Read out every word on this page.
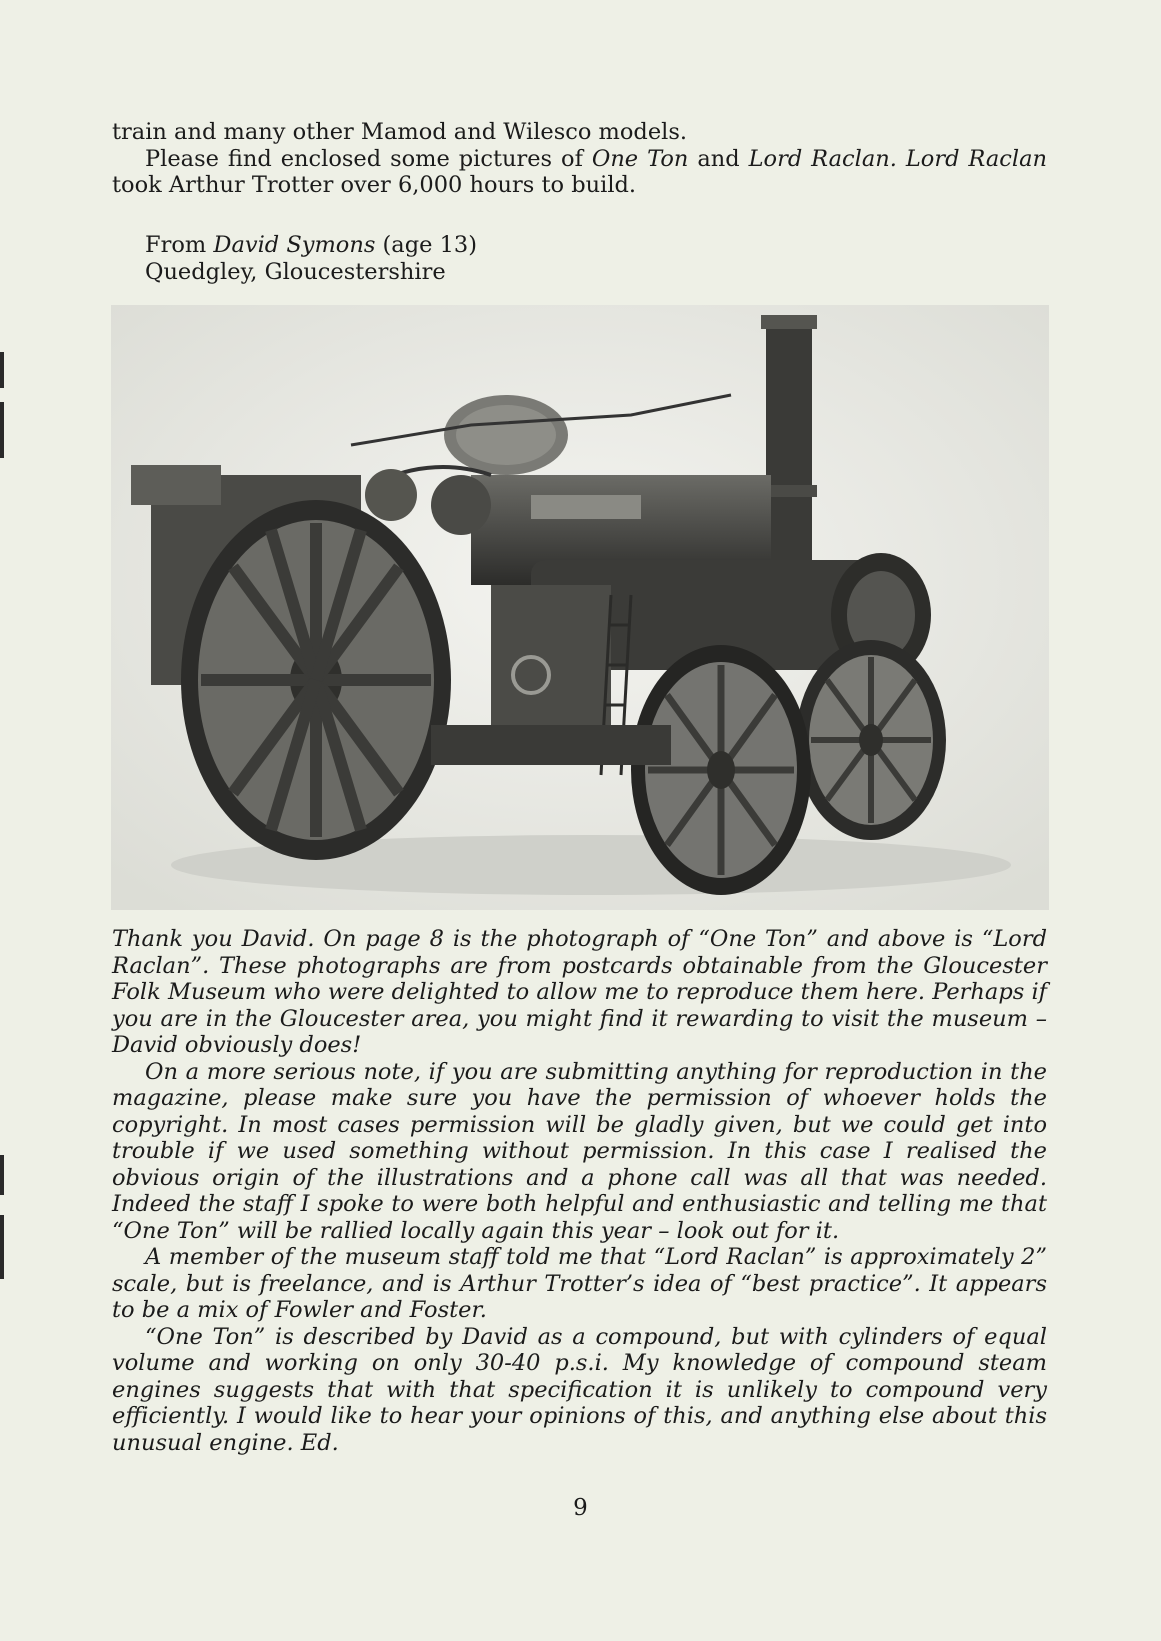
train and many other Mamod and Wilesco models.

Please find enclosed some pictures of One Ton and Lord Raclan. Lord Raclan took Arthur Trotter over 6,000 hours to build.

From David Symons (age 13)

Quedgley, Gloucestershire

Thank you David. On page 8 is the photograph of “One Ton” and above is “Lord Raclan”. These photographs are from postcards obtainable from the Gloucester Folk Museum who were delighted to allow me to reproduce them here. Perhaps if you are in the Gloucester area, you might find it rewarding to visit the museum – David obviously does!

On a more serious note, if you are submitting anything for reproduction in the magazine, please make sure you have the permission of whoever holds the copyright. In most cases permission will be gladly given, but we could get into trouble if we used something without permission. In this case I realised the obvious origin of the illustrations and a phone call was all that was needed. Indeed the staff I spoke to were both helpful and enthusiastic and telling me that “One Ton” will be rallied locally again this year – look out for it.

A member of the museum staff told me that “Lord Raclan” is approximately 2” scale, but is freelance, and is Arthur Trotter’s idea of “best practice”. It appears to be a mix of Fowler and Foster.

“One Ton” is described by David as a compound, but with cylinders of equal volume and working on only 30-40 p.s.i. My knowledge of compound steam engines suggests that with that specification it is unlikely to compound very efficiently. I would like to hear your opinions of this, and anything else about this unusual engine. Ed.

9
